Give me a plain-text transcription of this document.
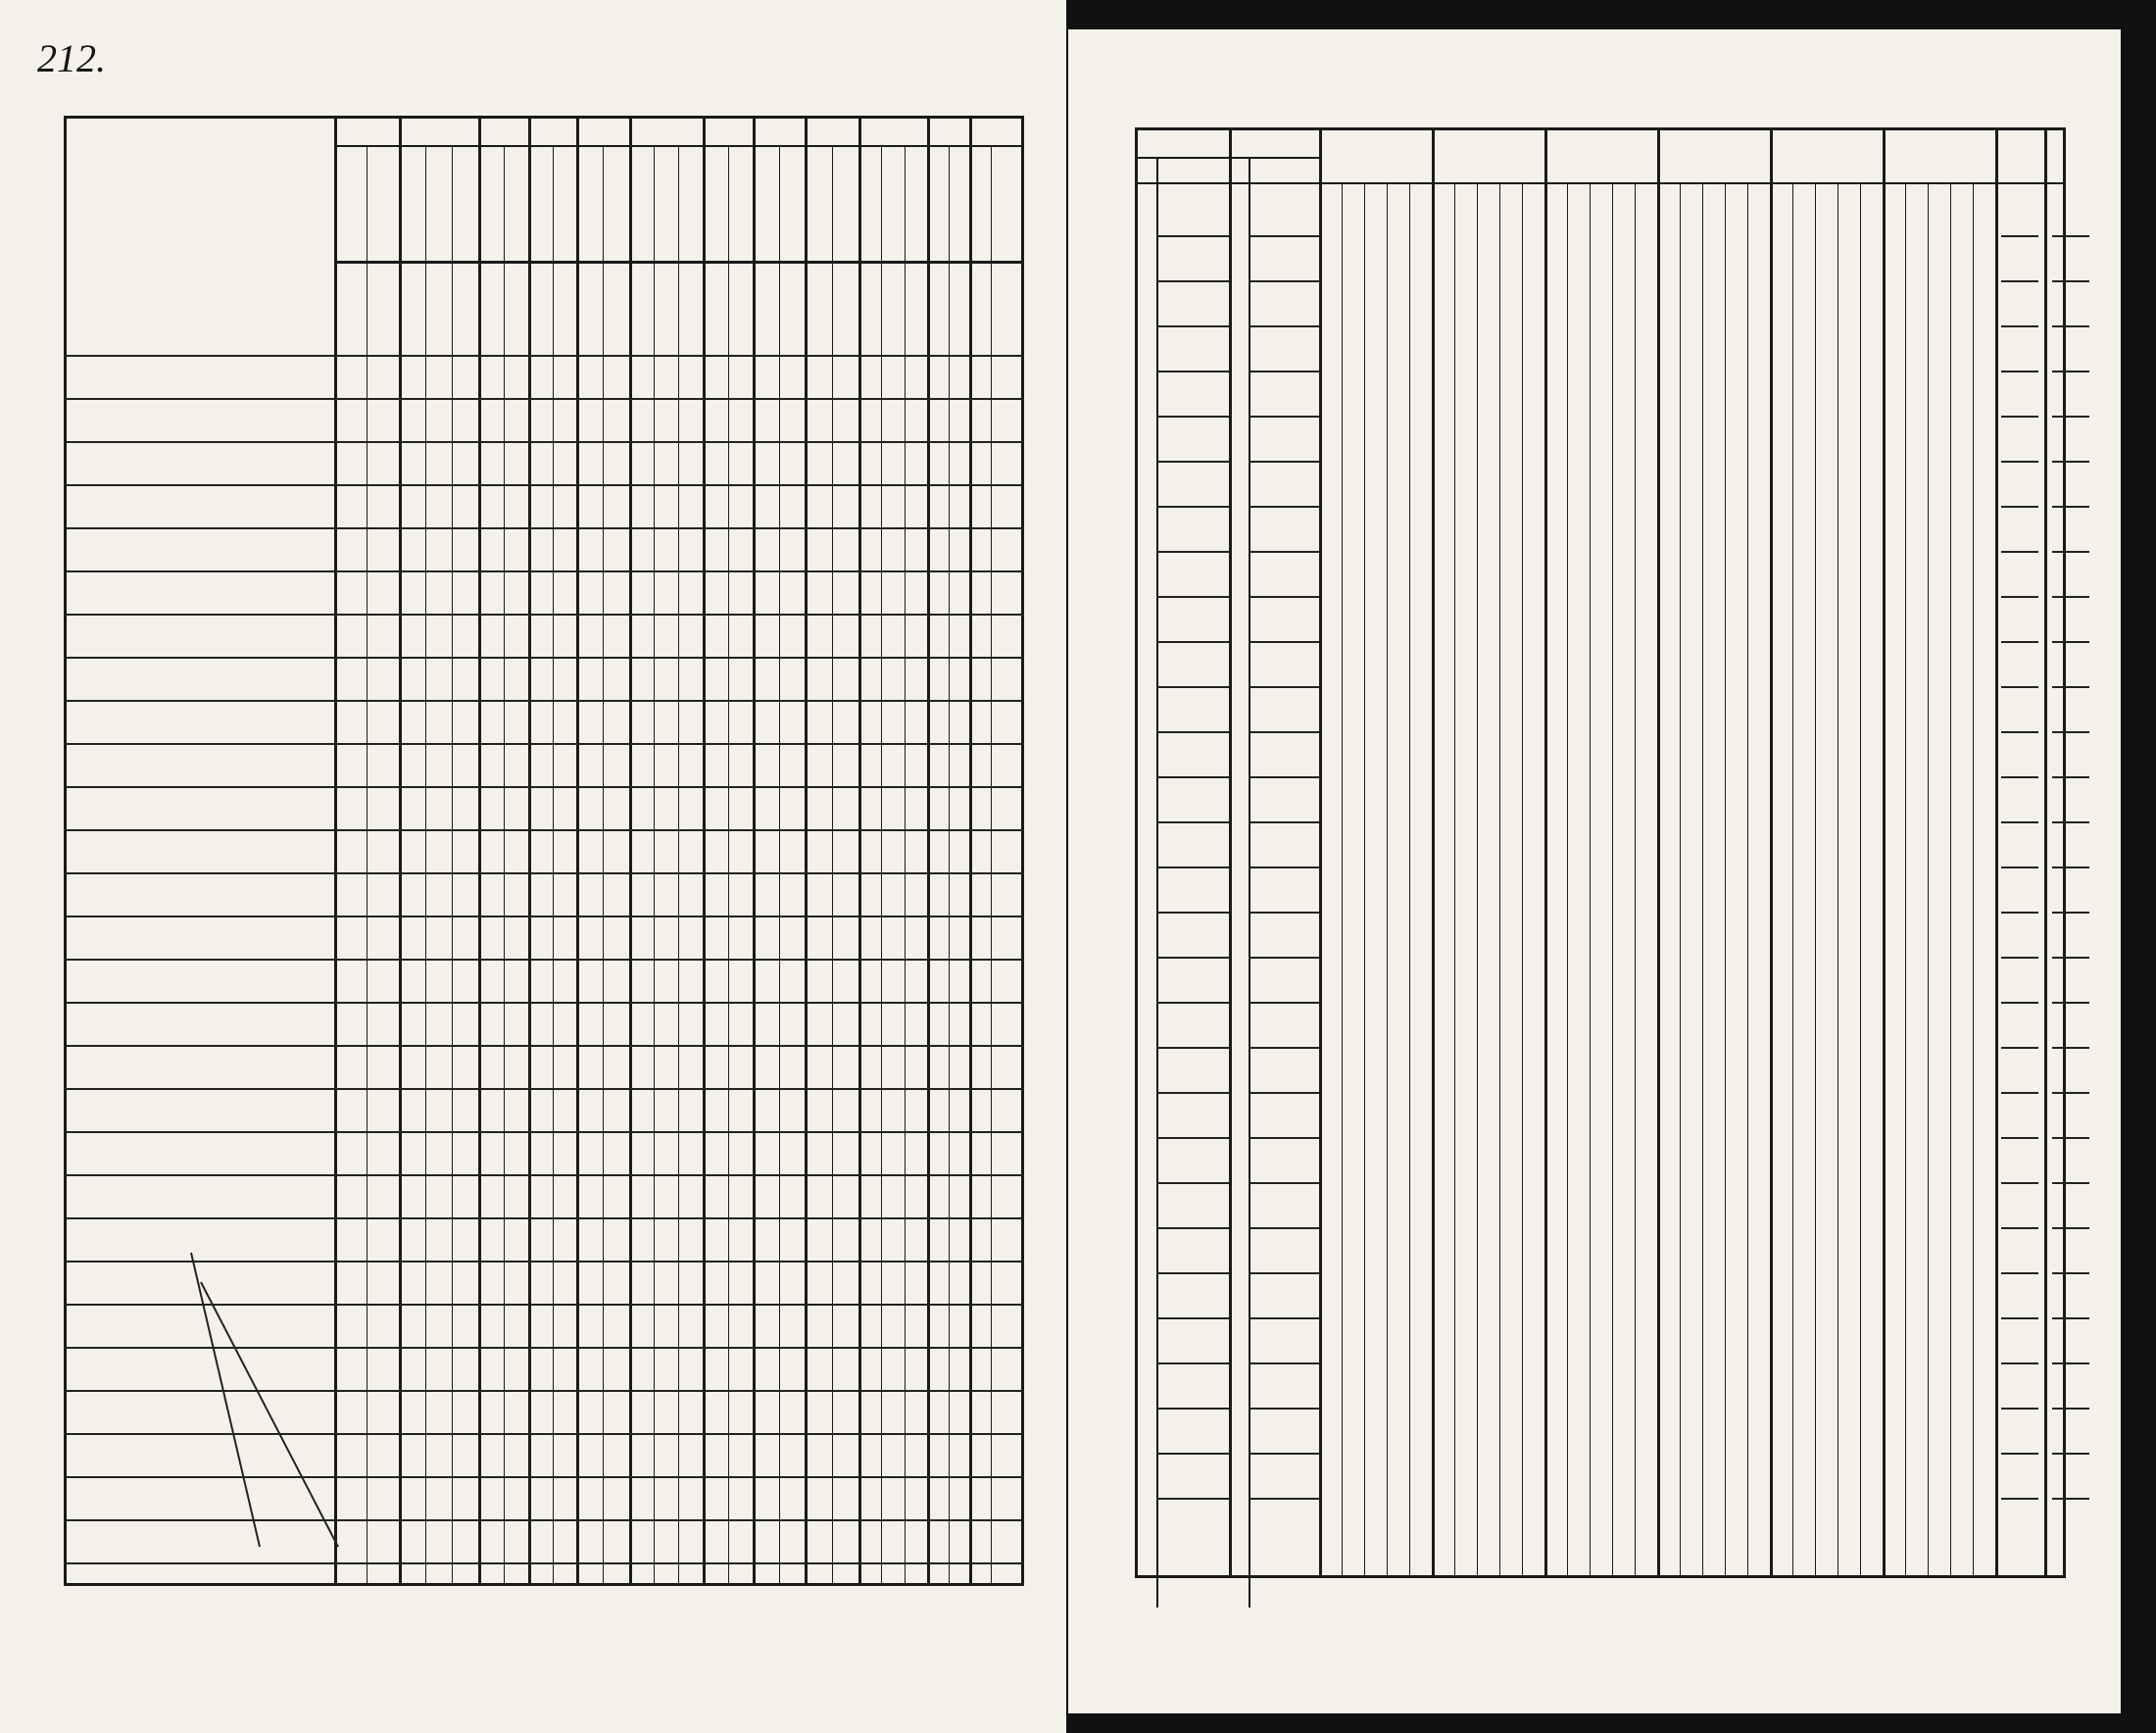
212.
